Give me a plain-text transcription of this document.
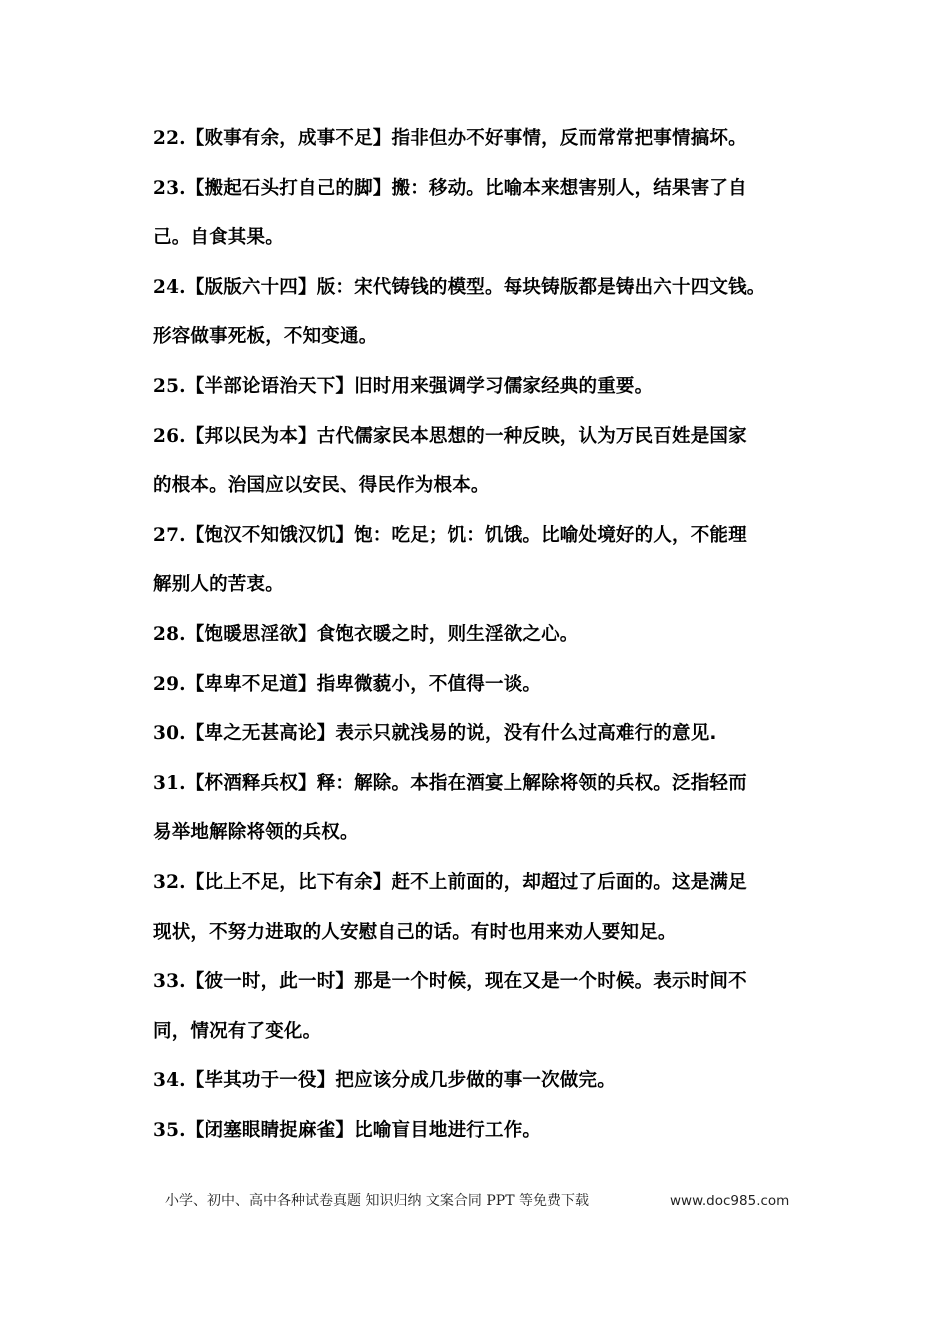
22.【败事有余，成事不足】指非但办不好事情，反而常常把事情搞坏。
23.【搬起石头打自己的脚】搬：移动。比喻本来想害别人，结果害了自
己。自食其果。
24.【版版六十四】版：宋代铸钱的模型。每块铸版都是铸出六十四文钱。
形容做事死板，不知变通。
25.【半部论语治天下】旧时用来强调学习儒家经典的重要。
26.【邦以民为本】古代儒家民本思想的一种反映，认为万民百姓是国家
的根本。治国应以安民、得民作为根本。
27.【饱汉不知饿汉饥】饱：吃足；饥：饥饿。比喻处境好的人，不能理
解别人的苦衷。
28.【饱暖思淫欲】食饱衣暖之时，则生淫欲之心。
29.【卑卑不足道】指卑微藐小，不值得一谈。
30.【卑之无甚高论】表示只就浅易的说，没有什么过高难行的意见.
31.【杯酒释兵权】释：解除。本指在酒宴上解除将领的兵权。泛指轻而
易举地解除将领的兵权。
32.【比上不足，比下有余】赶不上前面的，却超过了后面的。这是满足
现状，不努力进取的人安慰自己的话。有时也用来劝人要知足。
33.【彼一时，此一时】那是一个时候，现在又是一个时候。表示时间不
同，情况有了变化。
34.【毕其功于一役】把应该分成几步做的事一次做完。
35.【闭塞眼睛捉麻雀】比喻盲目地进行工作。
小学、初中、高中各种试卷真题 知识归纳 文案合同 PPT 等免费下载	www.doc985.com
